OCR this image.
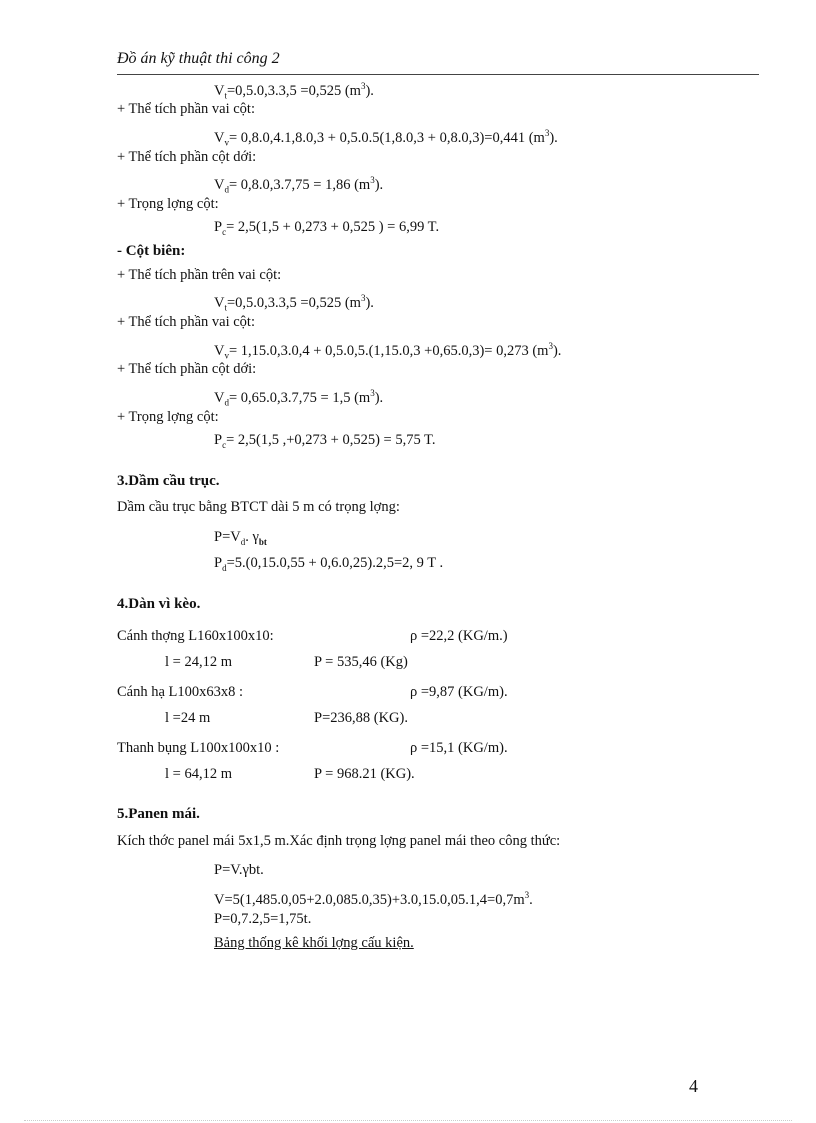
Đồ án kỹ thuật thi công 2
$V_t=0,5.0,3.3,5 =0,525$ $(m^3)$.
+ Thể tích phần vai cột:
$V_v= 0,8.0,4.1,8.0,3 + 0,5.0.5(1,8.0,3 + 0,8.0,3)=0,441$ $(m^3)$.
+ Thể tích phần cột dới:
$V_d= 0,8.0,3.7,75 = 1,86$ $(m^3)$.
+ Trọng lợng cột:
$P_c= 2,5(1,5 + 0,273 + 0,525$ ) = 6,99 T.
- Cột biên:
+ Thể tích phần trên vai cột:
$V_t=0,5.0,3.3,5 =0,525$ $(m^3)$.
+ Thể tích phần vai cột:
$V_v= 1,15.0,3.0,4 + 0,5.0,5.(1,15.0,3 +0,65.0,3)= 0,273$ $(m^3)$.
+ Thể tích phần cột dới:
$V_d= 0,65.0,3.7,75 = 1,5$ $(m^3)$.
+ Trọng lợng cột:
$P_c= 2,5(1,5$ ,+0,273 + 0,525) = 5,75 T.
3.Dầm cầu trục.
Dầm cầu trục bằng BTCT dài 5 m có trọng lợng:
$P=V_d$. $\gamma_{bt}$
$P_d=5.(0,15.0,55 + 0,6.0,25).2,5=2$, 9 T .
4.Dàn vì kèo.
Cánh thợng L160x100x10:	ρ =22,2 (KG/m.)
l = 24,12 m	P = 535,46 (Kg)
Cánh hạ L100x63x8 :	ρ =9,87 (KG/m).
l =24 m	P=236,88 (KG).
Thanh bụng L100x100x10 :	ρ =15,1 (KG/m).
l = 64,12 m	P = 968.21 (KG).
5.Panen mái.
Kích thớc panel mái 5x1,5 m.Xác định trọng lợng panel mái theo công thức:
P=V.γbt.
$V=5(1,485.0,05+2.0,085.0,35)+3.0,15.0,05.1,4=0,7m^3$.
P=0,7.2,5=1,75t.
Bảng thống kê khối lợng cấu kiện.
4
